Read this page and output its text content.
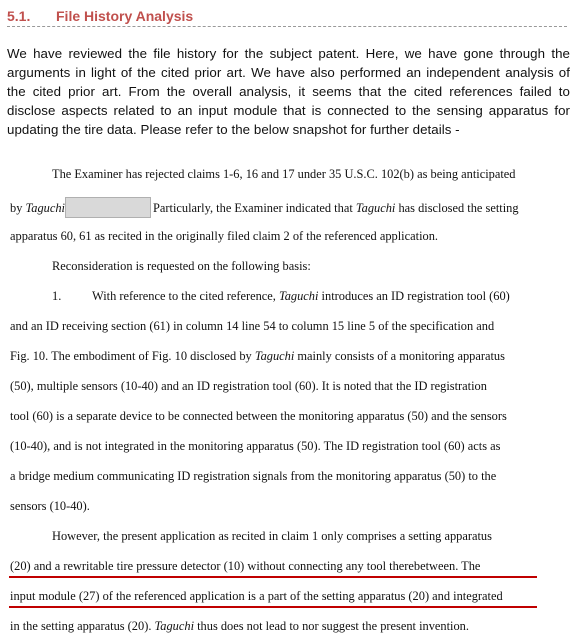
5.1. File History Analysis
We have reviewed the file history for the subject patent. Here, we have gone through the arguments in light of the cited prior art. We have also performed an independent analysis of the cited prior art. From the overall analysis, it seems that the cited references failed to disclose aspects related to an input module that is connected to the sensing apparatus for updating the tire data. Please refer to the below snapshot for further details -
The Examiner has rejected claims 1-6, 16 and 17 under 35 U.S.C. 102(b) as being anticipated
by Taguchi	Particularly, the Examiner indicated that Taguchi has disclosed the setting
apparatus 60, 61 as recited in the originally filed claim 2 of the referenced application.
Reconsideration is requested on the following basis:
1. With reference to the cited reference, Taguchi introduces an ID registration tool (60)
and an ID receiving section (61) in column 14 line 54 to column 15 line 5 of the specification and
Fig. 10. The embodiment of Fig. 10 disclosed by Taguchi mainly consists of a monitoring apparatus
(50), multiple sensors (10-40) and an ID registration tool (60). It is noted that the ID registration
tool (60) is a separate device to be connected between the monitoring apparatus (50) and the sensors
(10-40), and is not integrated in the monitoring apparatus (50). The ID registration tool (60) acts as
a bridge medium communicating ID registration signals from the monitoring apparatus (50) to the
sensors (10-40).
However, the present application as recited in claim 1 only comprises a setting apparatus
(20) and a rewritable tire pressure detector (10) without connecting any tool therebetween. The
input module (27) of the referenced application is a part of the setting apparatus (20) and integrated
in the setting apparatus (20). Taguchi thus does not lead to nor suggest the present invention.
